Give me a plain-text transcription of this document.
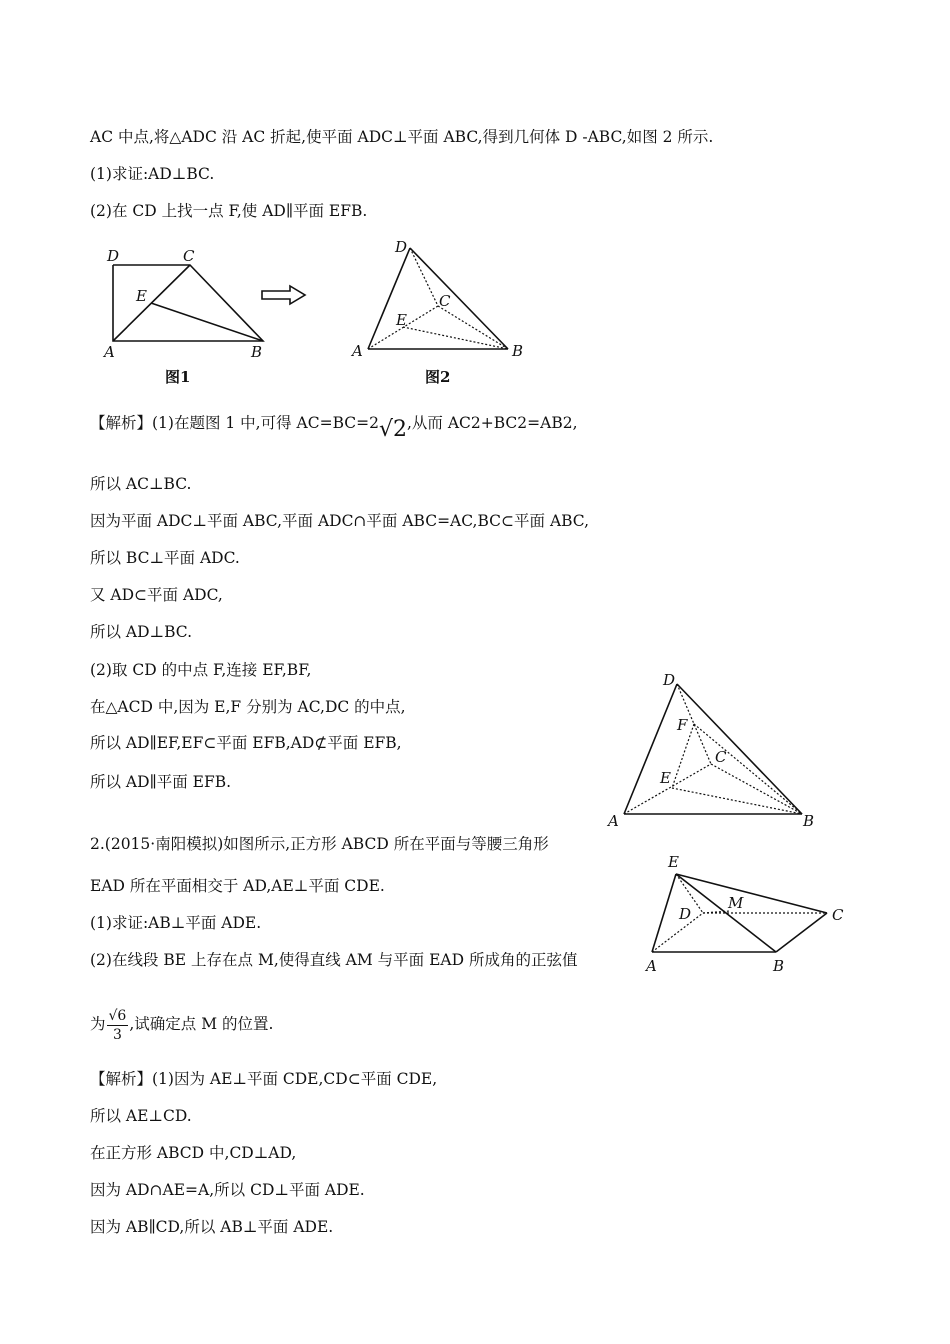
AC 中点,将△ADC 沿 AC 折起,使平面 ADC⊥平面 ABC,得到几何体 D -ABC,如图 2 所示.
(1)求证:AD⊥BC.
(2)在 CD 上找一点 F,使 AD∥平面 EFB.
D	C
E
A	B
图1
D
C
E
A	B
图2
【解析】(1)在题图 1 中,可得 AC=BC=2√2,从而 AC2+BC2=AB2,
所以 AC⊥BC.
因为平面 ADC⊥平面 ABC,平面 ADC∩平面 ABC=AC,BC⊂平面 ABC,
所以 BC⊥平面 ADC.
又 AD⊂平面 ADC,
所以 AD⊥BC.
(2)取 CD 的中点 F,连接 EF,BF,
在△ACD 中,因为 E,F 分别为 AC,DC 的中点,
所以 AD∥EF,EF⊂平面 EFB,AD⊄平面 EFB,
所以 AD∥平面 EFB.
D
F
C
E
A	B
2.(2015·南阳模拟)如图所示,正方形 ABCD 所在平面与等腰三角形
EAD 所在平面相交于 AD,AE⊥平面 CDE.
(1)求证:AB⊥平面 ADE.
(2)在线段 BE 上存在点 M,使得直线 AM 与平面 EAD 所成角的正弦值
为 $\frac{√6}{3}$ ,试确定点 M 的位置.
E
D
M
C
A	B
【解析】(1)因为 AE⊥平面 CDE,CD⊂平面 CDE,
所以 AE⊥CD.
在正方形 ABCD 中,CD⊥AD,
因为 AD∩AE=A,所以 CD⊥平面 ADE.
因为 AB∥CD,所以 AB⊥平面 ADE.
